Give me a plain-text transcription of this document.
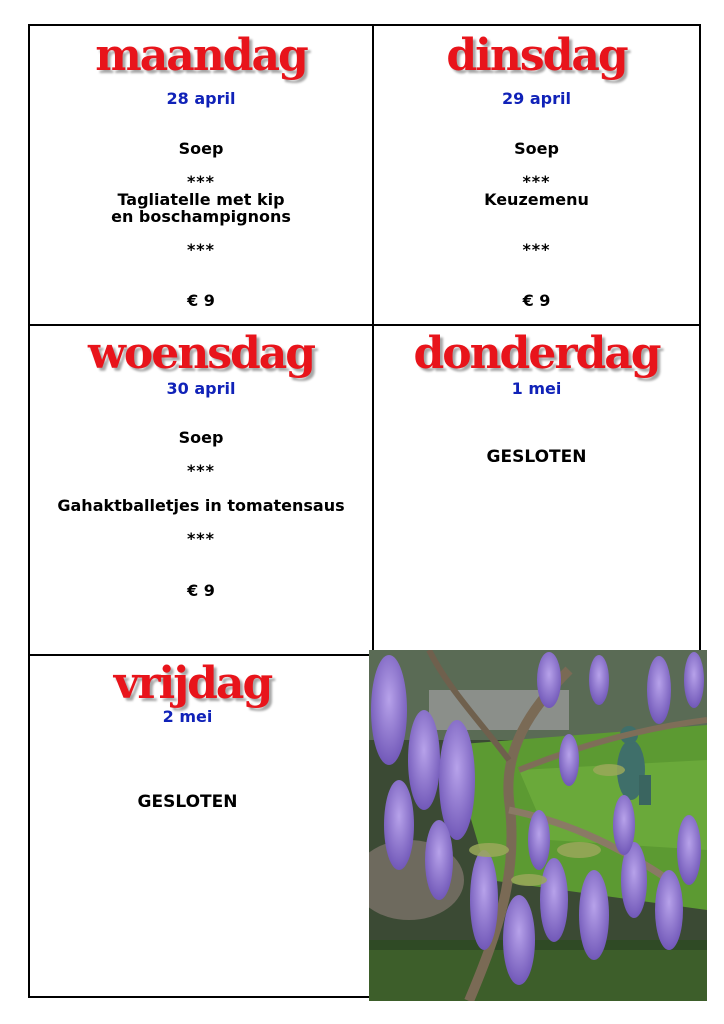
maandag
28 april
Soep
***
Tagliatelle met kip
en boschampignons
***
€ 9
dinsdag
29 april
Soep
***
Keuzemenu
***
€ 9
woensdag
30 april
Soep
***
Gahaktballetjes in tomatensaus
***
€ 9
donderdag
1 mei
GESLOTEN
vrijdag
2 mei
GESLOTEN
